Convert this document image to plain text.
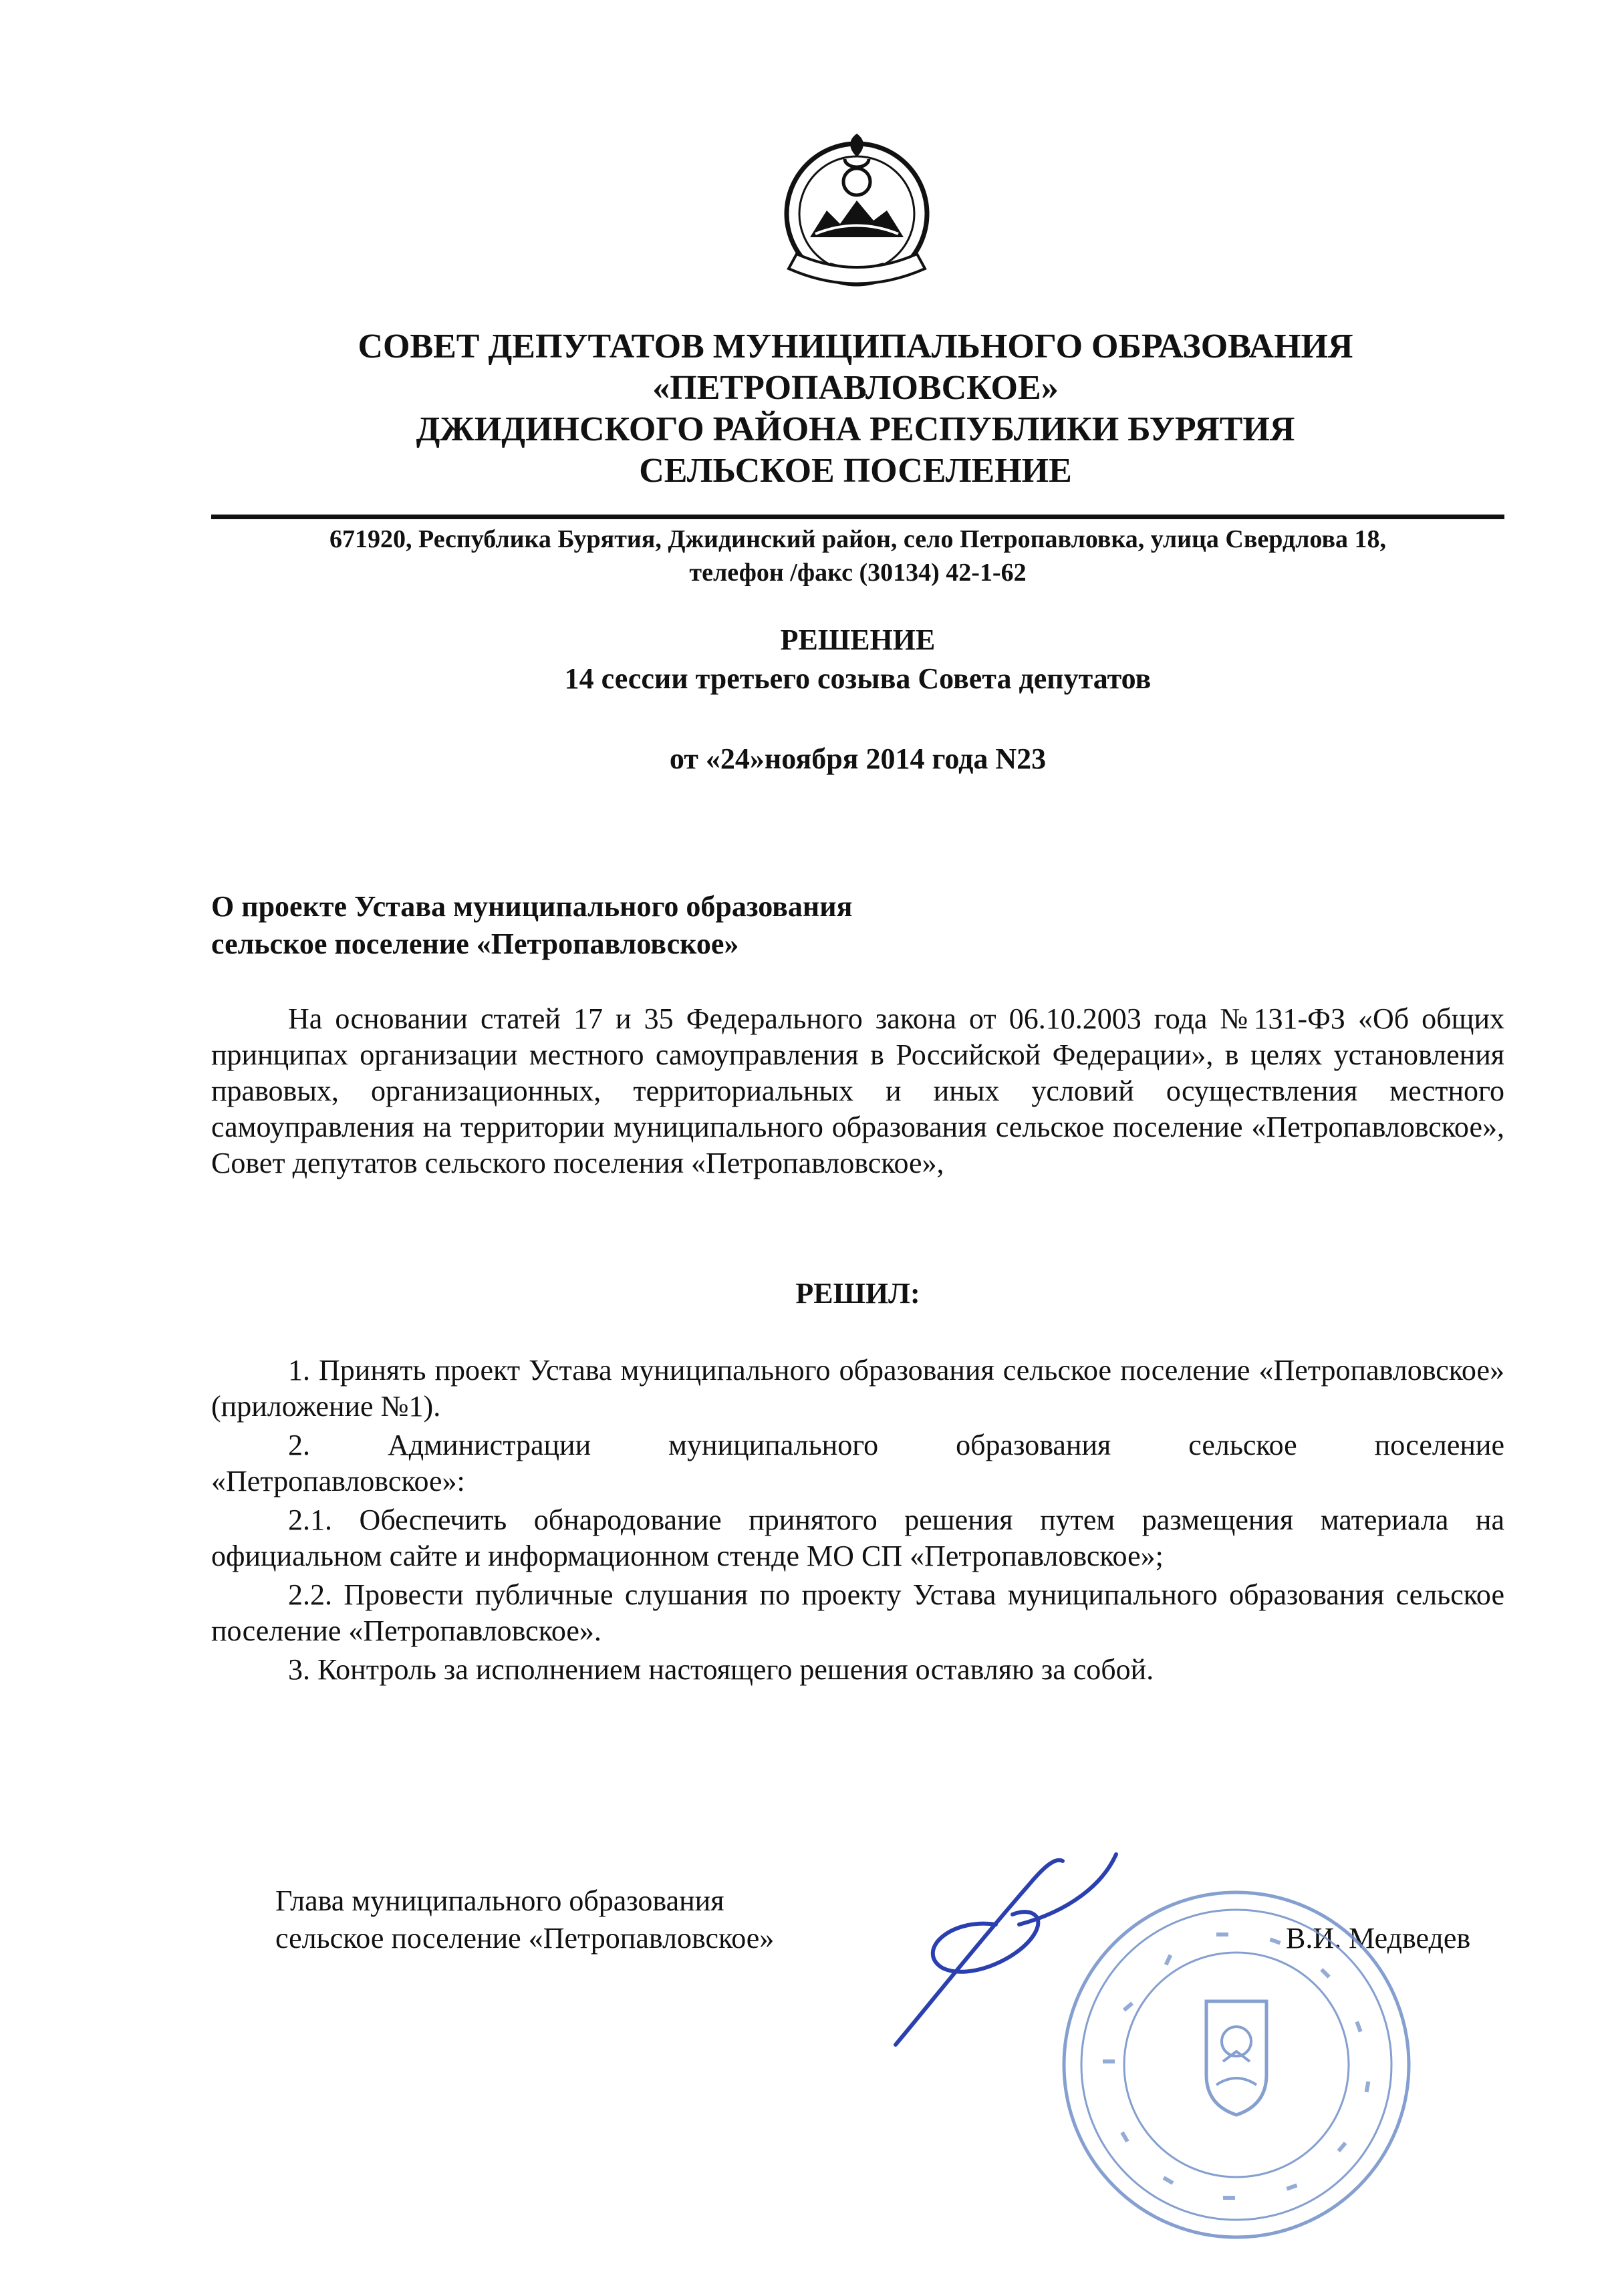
СОВЕТ ДЕПУТАТОВ МУНИЦИПАЛЬНОГО ОБРАЗОВАНИЯ
«ПЕТРОПАВЛОВСКОЕ»
ДЖИДИНСКОГО РАЙОНА РЕСПУБЛИКИ БУРЯТИЯ
СЕЛЬСКОЕ ПОСЕЛЕНИЕ
671920, Республика Бурятия, Джидинский район, село Петропавловка, улица Свердлова 18,
телефон /факс (30134) 42-1-62
РЕШЕНИЕ
14 сессии третьего созыва Совета депутатов
от «24»ноября 2014 года N23
О проекте Устава муниципального образования
сельское поселение «Петропавловское»
На основании статей 17 и 35 Федерального закона от 06.10.2003 года №131-ФЗ «Об общих принципах организации местного самоуправления в Российской Федерации», в целях установления правовых, организационных, территориальных и иных условий осуществления местного самоуправления на территории муниципального образования сельское поселение «Петропавловское», Совет депутатов сельского поселения «Петропавловское»,
РЕШИЛ:
1. Принять проект Устава муниципального образования сельское поселение «Петропавловское» (приложение №1).
2.    Администрации    муниципального    образования    сельское    поселение «Петропавловское»:
2.1. Обеспечить обнародование принятого решения путем размещения материала на официальном сайте и информационном стенде МО СП «Петропавловское»;
2.2. Провести публичные слушания по проекту Устава муниципального образования сельское поселение «Петропавловское».
3. Контроль за исполнением настоящего решения оставляю за собой.
Глава муниципального образования
сельское поселение «Петропавловское»	В.И. Медведев
